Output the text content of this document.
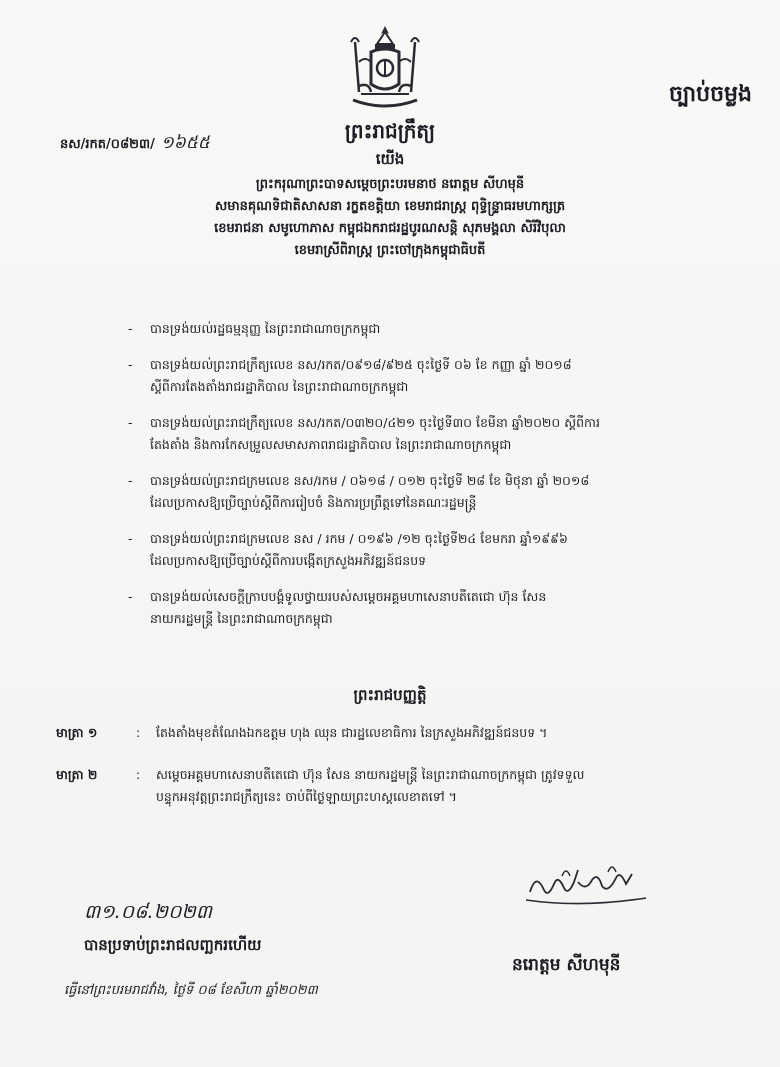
ច្បាប់ចម្លង
ព្រះរាជក្រឹត្យ
នស/រកត/០៨២៣/ ១៦៥៥
យើង
ព្រះករុណាព្រះបាទសម្តេចព្រះបរមនាថ នរោត្តម សីហមុនី
សមានគុណទិជាតិសាសនា រក្ខតខត្តិយា ខេមរាជរាស្ត្រ ពុទ្ធិន្ទ្រាធរមហាក្សត្រ
ខេមរាជនា សមូហោភាស កម្ពុជឯករាជរដ្ឋបូរណសន្តិ សុភមង្គលា សិរីវិបុលា
ខេមរាស្រីពិរាស្ត្រ ព្រះចៅក្រុងកម្ពុជាធិបតី
- បានទ្រង់យល់រដ្ឋធម្មនុញ្ញ នៃព្រះរាជាណាចក្រកម្ពុជា
- បានទ្រង់យល់ព្រះរាជក្រឹត្យលេខ នស/រកត/០៩១៨/៩២៥ ចុះថ្ងៃទី ០៦ ខែ កញ្ញា ឆ្នាំ ២០១៨
ស្តីពីការតែងតាំងរាជរដ្ឋាភិបាល នៃព្រះរាជាណាចក្រកម្ពុជា
- បានទ្រង់យល់ព្រះរាជក្រឹត្យលេខ នស/រកត/០៣២០/៤២១ ចុះថ្ងៃទី៣០ ខែមីនា ឆ្នាំ២០២០ ស្តីពីការ
តែងតាំង និងការកែសម្រួលសមាសភាពរាជរដ្ឋាភិបាល នៃព្រះរាជាណាចក្រកម្ពុជា
- បានទ្រង់យល់ព្រះរាជក្រមលេខ នស/រកម / ០៦១៨ / ០១២ ចុះថ្ងៃទី ២៨ ខែ មិថុនា ឆ្នាំ ២០១៨
ដែលប្រកាសឱ្យប្រើច្បាប់ស្តីពីការរៀបចំ និងការប្រព្រឹត្តទៅនៃគណៈរដ្ឋមន្ត្រី
- បានទ្រង់យល់ព្រះរាជក្រមលេខ នស / រកម / ០១៩៦ /១២ ចុះថ្ងៃទី២៤ ខែមករា ឆ្នាំ១៩៩៦
ដែលប្រកាសឱ្យប្រើច្បាប់ស្តីពីការបង្កើតក្រសួងអភិវឌ្ឍន៍ជនបទ
- បានទ្រង់យល់សេចក្តីក្រាបបង្គំទូលថ្វាយរបស់សម្តេចអគ្គមហាសេនាបតីតេជោ ហ៊ុន សែន
នាយករដ្ឋមន្ត្រី នៃព្រះរាជាណាចក្រកម្ពុជា
ព្រះរាជបញ្ញត្តិ
មាត្រា ១	: តែងតាំងមុខតំណែងឯកឧត្តម ហុង ឈុន ជារដ្ឋលេខាធិការ នៃក្រសួងអភិវឌ្ឍន៍ជនបទ ។
មាត្រា ២	: សម្តេចអគ្គមហាសេនាបតីតេជោ ហ៊ុន សែន នាយករដ្ឋមន្ត្រី នៃព្រះរាជាណាចក្រកម្ពុជា ត្រូវទទួល
បន្ទុកអនុវត្តព្រះរាជក្រឹត្យនេះ ចាប់ពីថ្ងៃឡាយព្រះហស្តលេខាតទៅ ។
៣១.០៨.២០២៣
បានប្រទាប់ព្រះរាជលញ្ឆករហើយ
ធ្វើនៅព្រះបរមរាជវាំង, ថ្ងៃទី ០៨ ខែសីហា ឆ្នាំ២០២៣
នរោត្តម សីហមុនី
